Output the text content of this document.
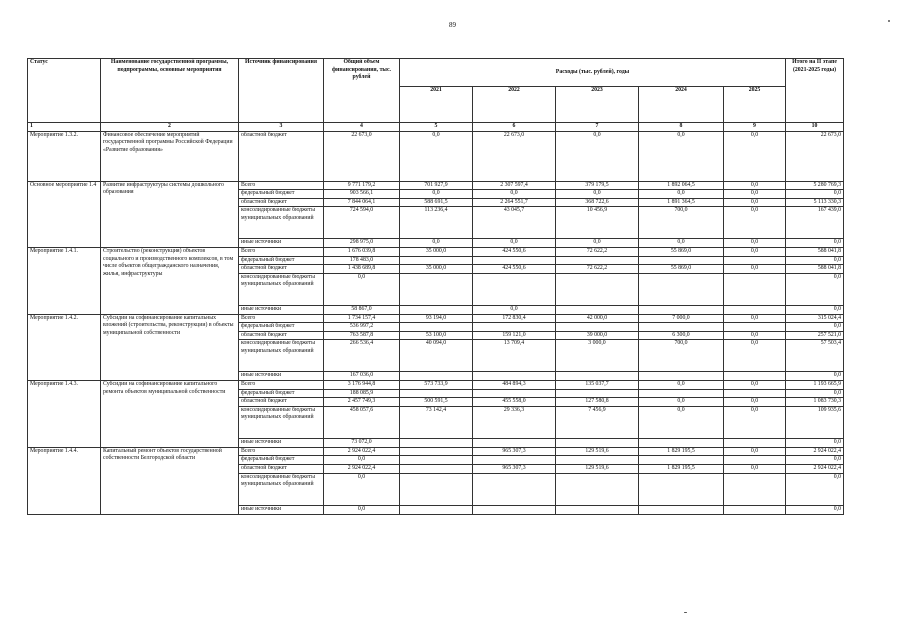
89
Статус	Наименование государственной программы, подпрограммы, основные мероприятия	Источник финансирования	Общий объем финансирования, тыс. рублей	Расходы (тыс. рублей), годы					Итого на II этапе (2021-2025 годы)
				2021	2022	2023	2024	2025	
1	2	3	4	5	6	7	8	9	10
Мероприятие 1.3.2.	Финансовое обеспечение мероприятий государственной программы Российской Федерации «Развитие образования»	областной бюджет	22 673,0	0,0	22 673,0	0,0	0,0	0,0	22 673,0
Основное мероприятие 1.4	Развитие инфраструктуры системы дошкольного образования	Всего	9 771 179,2	701 927,9	2 307 597,4	379 179,5	1 892 064,5	0,0	5 280 769,3
		федеральный бюджет	903 566,1	0,0	0,0	0,0	0,0	0,0	0,0
		областной бюджет	7 844 064,1	588 691,5	2 264 551,7	368 722,6	1 891 364,5	0,0	5 113 330,3
		консолидированные бюджеты муниципальных образований	724 594,0	113 236,4	43 045,7	10 456,9	700,0	0,0	167 439,0
		иные источники	298 975,0	0,0	0,0	0,0	0,0	0,0	0,0
Мероприятие 1.4.1.	Строительство (реконструкция) объектов социального и производственного комплексов, в том числе объектов общегражданского назначения, жилья, инфраструктуры	Всего	1 676 039,8	35 000,0	424 550,6	72 622,2	55 869,0	0,0	588 041,8
		федеральный бюджет	178 483,0						0,0
		областной бюджет	1 438 689,8	35 000,0	424 550,6	72 622,2	55 869,0	0,0	588 041,8
		консолидированные бюджеты муниципальных образований	0,0						0,0
		иные источники	58 867,0		0,0				0,0
Мероприятие 1.4.2.	Субсидии на софинансирование капитальных вложений (строительства, реконструкции) в объекты муниципальной собственности	Всего	1 734 157,4	93 194,0	172 830,4	42 000,0	7 000,0	0,0	315 024,4
		федеральный бюджет	536 997,2						0,0
		областной бюджет	763 587,8	53 100,0	159 121,0	39 000,0	6 300,0	0,0	257 521,0
		консолидированные бюджеты муниципальных образований	266 536,4	40 094,0	13 709,4	3 000,0	700,0	0,0	57 503,4
		иные источники	167 036,0						0,0
Мероприятие 1.4.3.	Субсидии на софинансирование капитального ремонта объектов муниципальной собственности	Всего	3 176 944,8	573 733,9	484 894,3	135 037,7	0,0	0,0	1 193 665,9
		федеральный бюджет	188 085,9						0,0
		областной бюджет	2 457 749,3	500 591,5	455 558,0	127 580,8	0,0	0,0	1 083 730,3
		консолидированные бюджеты муниципальных образований	458 057,6	73 142,4	29 336,3	7 456,9	0,0	0,0	109 935,6
		иные источники	73 072,0						0,0
Мероприятие 1.4.4.	Капитальный ремонт объектов государственной собственности Белгородской области	Всего	2 924 022,4		965 307,3	129 519,6	1 829 195,5	0,0	2 924 022,4
		федеральный бюджет	0,0						0,0
		областной бюджет	2 924 022,4		965 307,3	129 519,6	1 829 195,5	0,0	2 924 022,4
		консолидированные бюджеты муниципальных образований	0,0						0,0
		иные источники	0,0						0,0
